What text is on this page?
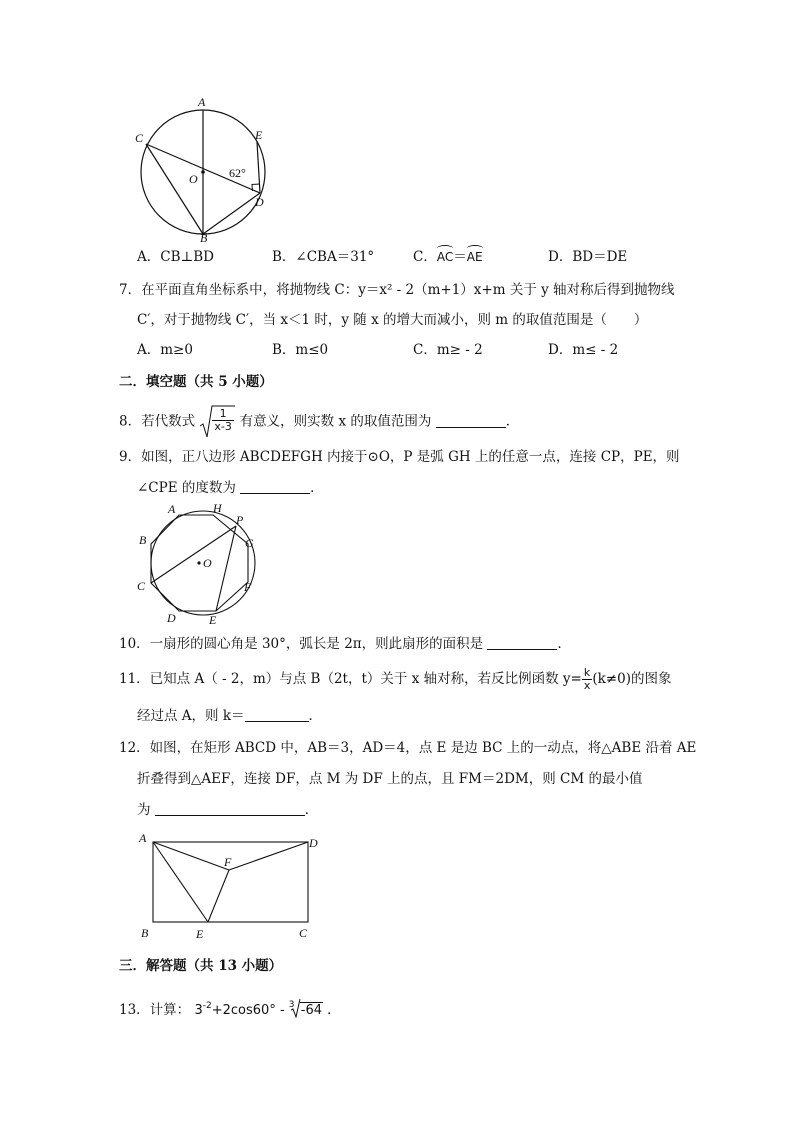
A
B
C
D
E
O	62°
A．CB⊥BD	B．∠CBA＝31°	C．AC＝AE	D．BD＝DE
7．在平面直角坐标系中，将抛物线 C：y＝x² - 2（m+1）x+m 关于 y 轴对称后得到抛物线
C′，对于抛物线 C′，当 x＜1 时，y 随 x 的增大而减小，则 m 的取值范围是（　　）
A．m≥0	B．m≤0	C．m≥ - 2	D．m≤ - 2
二．填空题（共 5 小题）
8．若代数式 $\frac{1}{x-3}$ 有意义，则实数 x 的取值范围为	．
9．如图，正八边形 ABCDEFGH 内接于⊙O，P 是弧 GH 上的任意一点，连接 CP，PE，则
∠CPE 的度数为	．
A	H
P
G
B
C
O
F
D	E
10．一扇形的圆心角是 30°，弧长是 2π，则此扇形的面积是	．
11．已知点 A（ - 2，m）与点 B（2t，t）关于 x 轴对称，若反比例函数 $y= \frac{k}{x} (k\ne 0)$的图象
经过点 A，则 k＝	．
12．如图，在矩形 ABCD 中，AB＝3，AD＝4，点 E 是边 BC 上的一动点，将△ABE 沿着 AE
折叠得到△AEF，连接 DF，点 M 为 DF 上的点，且 FM＝2DM，则 CM 的最小值
为	．
A	D
F
B	E	C
三．解答题（共 13 小题）
13．计算： $3^{-2}+2\cos 60^\circ - 3$ -64 ．
